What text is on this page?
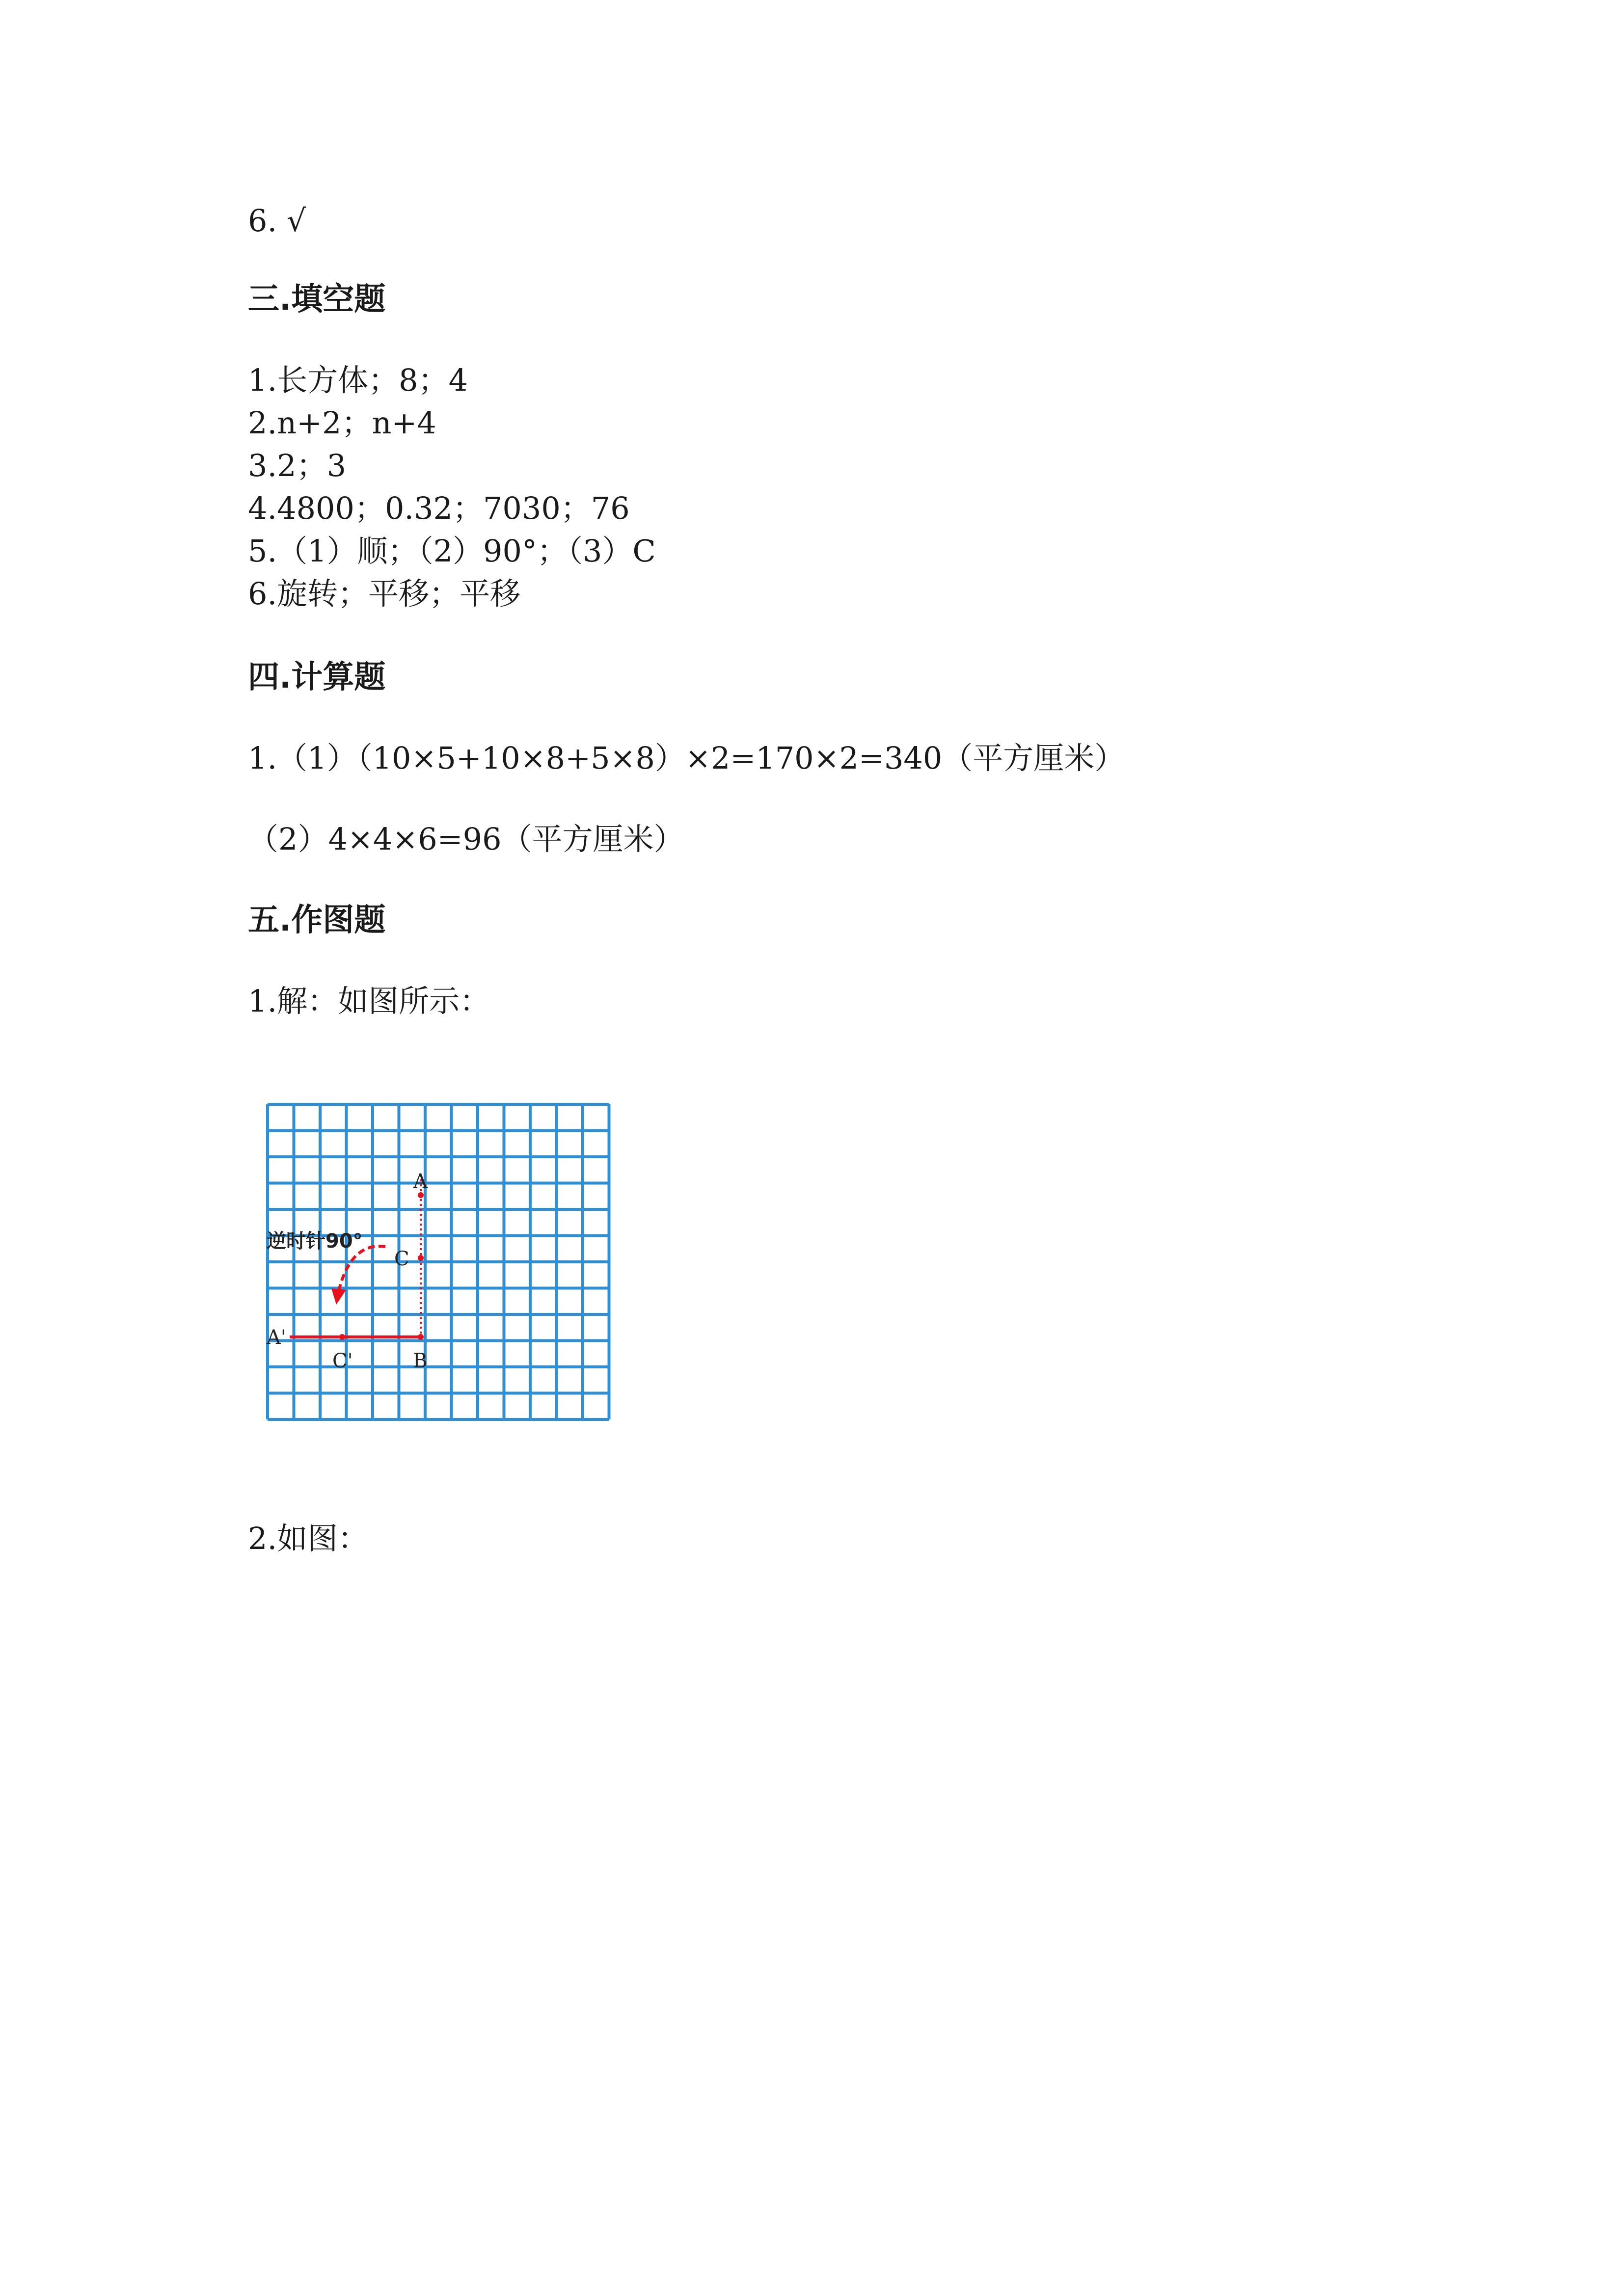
6. √
三.填空题
1.长方体；8；4
2.n+2；n+4
3.2；3
4.4800；0.32；7030；76
5.（1）顺；（2）90°；（3）C
6.旋转；平移；平移
四.计算题
1.（1）（10×5+10×8+5×8）×2=170×2=340（平方厘米）
（2）4×4×6=96（平方厘米）
五.作图题
1.解：如图所示：
逆时针90°
A
C
A'
C'	B
2.如图：
